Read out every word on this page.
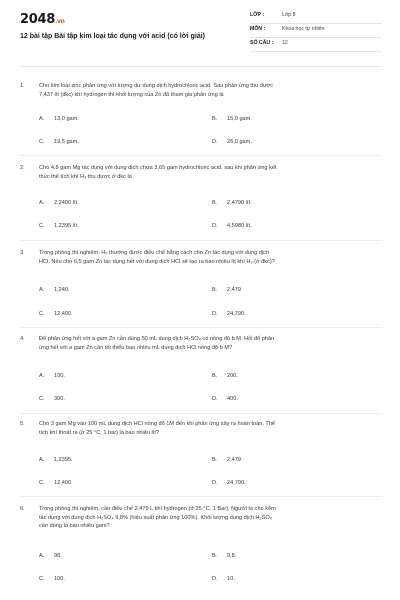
2048.vn
12 bài tập Bài tập kim loại tác dụng với acid (có lời giải)
LỚP :	Lớp 8
MÔN :	Khoa học tự nhiên
SỐ CÂU :	12
1.	Cho kim loại zinc phản ứng với lượng dư dung dịch hydrochloric acid. Sau phản ứng thu được
7,437 lít (đkc) khí hydrogen thì khối lượng của Zn đã tham gia phản ứng là
A.	13,0 gam.	B.	15,9 gam.
C.	19,5 gam.	D.	26,0 gam.
2.	Cho 4,8 gam Mg tác dụng với dung dịch chứa 3,65 gam hydrochloric acid, sau khi phản ứng kết
thúc thể tích khí H₂ thu được ở đkc là
A.	2,2400 lít.	B.	2,4790 lít.
C.	1,2395 lít.	D.	4,5980 lít.
3.	Trong phòng thí nghiệm, H₂ thường được điều chế bằng cách cho Zn tác dụng với dung dịch
HCl. Nếu cho 6,5 gam Zn tác dụng hết với dung dịch HCl sẽ tạo ra bao nhiêu lít khí H₂ (ở đkc)?
A.	1,240.	B.	2,479
C.	12,400.	D.	24,790.
4.	Để phản ứng hết với a gam Zn cần dùng 50 mL dung dịch H₂SO₄ có nồng độ b M. Hỏi để phản
ứng hết với a gam Zn cần tối thiểu bao nhiêu mL dung dịch HCl nồng độ b M?
A.	100.	B.	200.
C.	300.	D.	400.
5.	Cho 3 gam Mg vào 100 mL dung dịch HCl nồng độ 1M đến khi phản ứng xảy ra hoàn toàn. Thể
tích khí thoát ra (ở 25 °C, 1 bar) là bao nhiêu lít?
A.	1,2395.	B.	2,479.
C.	12,400.	D.	24,790.
6.	Trong phòng thí nghiệm, cần điều chế 2,479 L khí hydrogen (ở 25 °C, 1 Bar). Người ta cho kẽm
tác dụng với dung dịch H₂SO₄ 9,8% (hiệu suất phản ứng 100%). Khối lượng dung dịch H₂SO₄
cần dùng là bao nhiêu gam?
A.	98.	B.	9,8.
C.	100.	D.	10.
